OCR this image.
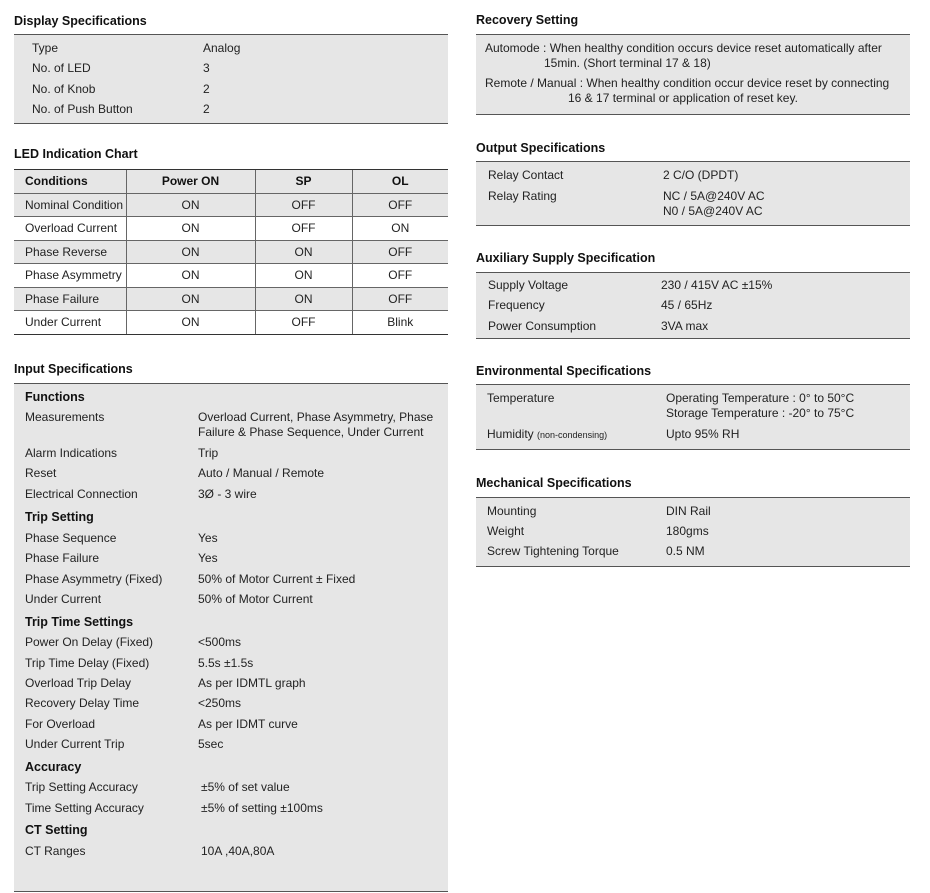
Display Specifications
Type	Analog
No. of LED	3
No. of Knob	2
No. of Push Button	2
LED Indication Chart
Conditions	Power ON	SP	OL
Nominal Condition	ON	OFF	OFF
Overload Current	ON	OFF	ON
Phase Reverse	ON	ON	OFF
Phase Asymmetry	ON	ON	OFF
Phase Failure	ON	ON	OFF
Under Current	ON	OFF	Blink
Input Specifications
Functions
Measurements	Overload Current, Phase Asymmetry, Phase
Failure & Phase Sequence, Under Current
Alarm Indications	Trip
Reset	Auto / Manual / Remote
Electrical Connection	3Ø - 3 wire
Trip Setting
Phase Sequence	Yes
Phase Failure	Yes
Phase Asymmetry (Fixed)	50% of Motor Current ± Fixed
Under Current	50% of Motor Current
Trip Time Settings
Power On Delay (Fixed)	<500ms
Trip Time Delay (Fixed)	5.5s ±1.5s
Overload Trip Delay	As per IDMTL graph
Recovery Delay Time	<250ms
For Overload	As per IDMT curve
Under Current Trip	5sec
Accuracy
Trip Setting Accuracy	±5% of set value
Time Setting Accuracy	±5% of setting ±100ms
CT Setting
CT Ranges	10A ,40A,80A
Recovery Setting
Automode : When healthy condition occurs device reset automatically after
15min. (Short terminal 17 & 18)
Remote / Manual : When healthy condition occur device reset by connecting
16 & 17 terminal or application of reset key.
Output Specifications
Relay Contact	2 C/O (DPDT)
Relay Rating	NC / 5A@240V AC
N0 / 5A@240V AC
Auxiliary Supply Specification
Supply Voltage	230 / 415V AC ±15%
Frequency	45 / 65Hz
Power Consumption	3VA max
Environmental Specifications
Temperature	Operating Temperature : 0° to 50°C
Storage Temperature : -20° to 75°C
Humidity (non-condensing)	Upto 95% RH
Mechanical Specifications
Mounting	DIN Rail
Weight	180gms
Screw Tightening Torque	0.5 NM
